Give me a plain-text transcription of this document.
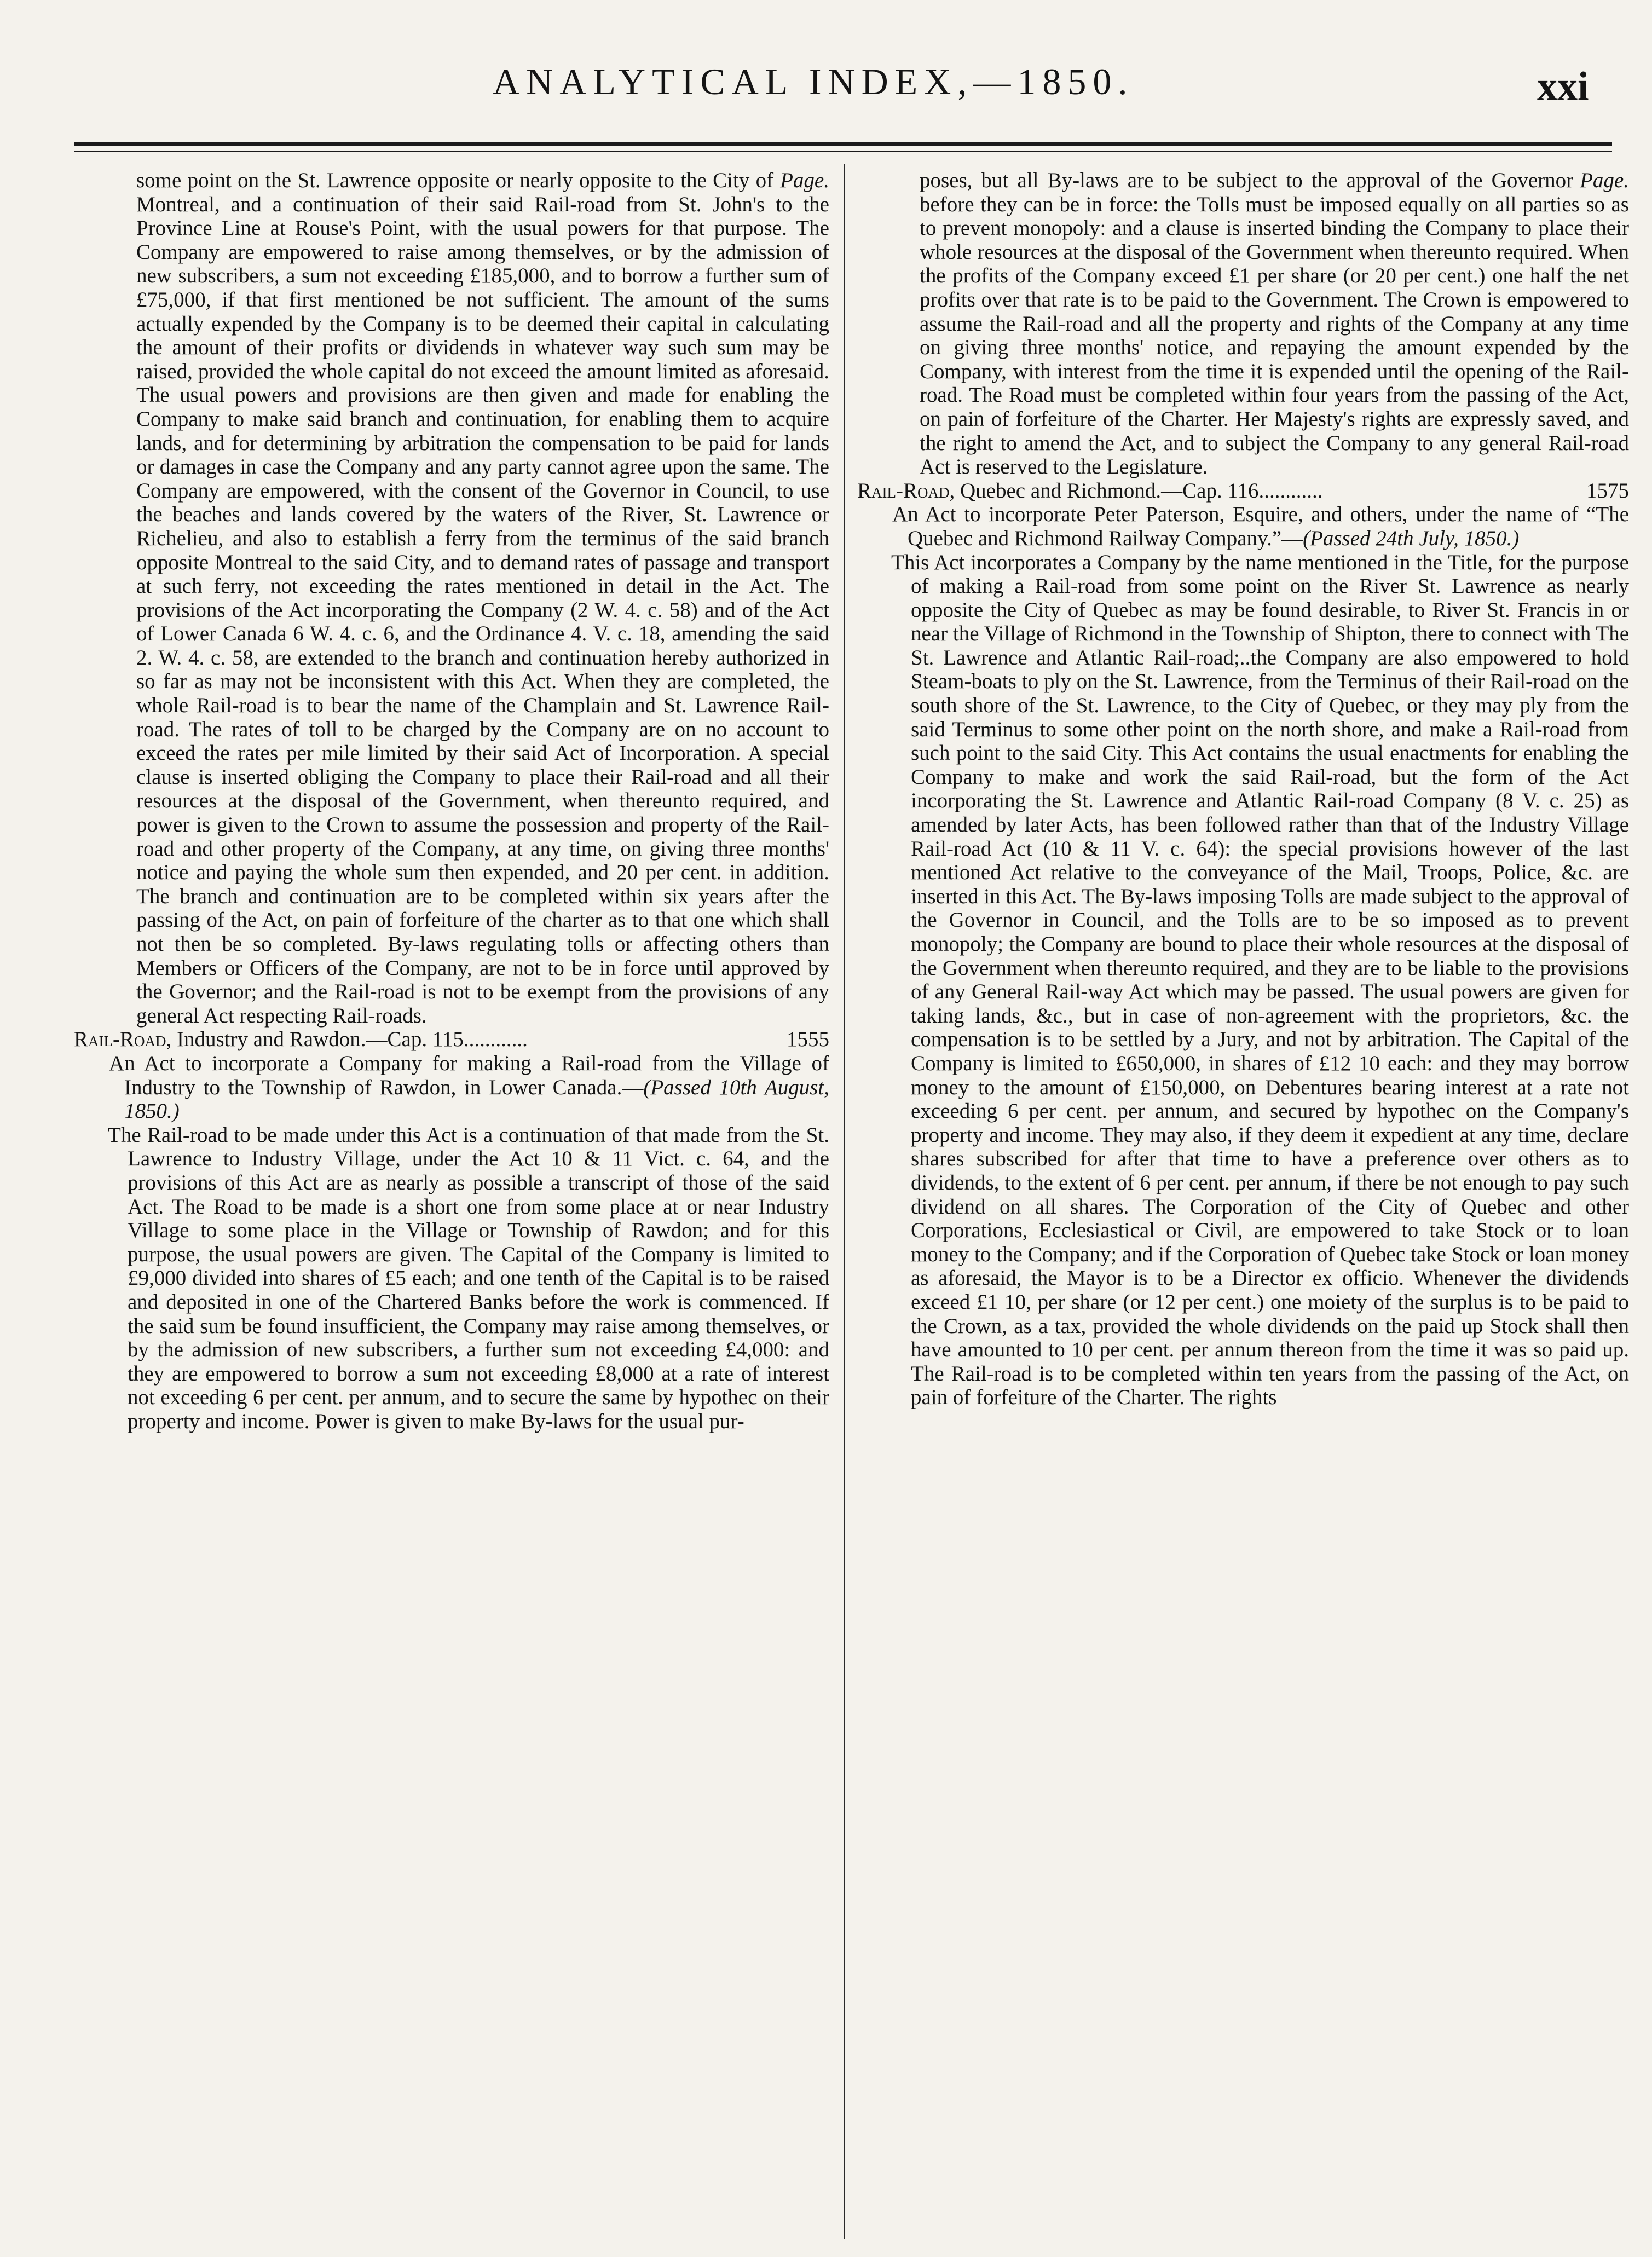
ANALYTICAL INDEX,—1850.	xxi

Page.
some point on the St. Lawrence opposite or nearly opposite to the City of Montreal, and a continuation of their said Rail-road from St. John's to the Province Line at Rouse's Point, with the usual powers for that purpose. The Company are empowered to raise among themselves, or by the admission of new subscribers, a sum not exceeding £185,000, and to borrow a further sum of £75,000, if that first mentioned be not sufficient. The amount of the sums actually expended by the Company is to be deemed their capital in calculating the amount of their profits or dividends in whatever way such sum may be raised, provided the whole capital do not exceed the amount limited as aforesaid. The usual powers and provisions are then given and made for enabling the Company to make said branch and continuation, for enabling them to acquire lands, and for determining by arbitration the compensation to be paid for lands or damages in case the Company and any party cannot agree upon the same. The Company are empowered, with the consent of the Governor in Council, to use the beaches and lands covered by the waters of the River, St. Lawrence or Richelieu, and also to establish a ferry from the terminus of the said branch opposite Montreal to the said City, and to demand rates of passage and transport at such ferry, not exceeding the rates mentioned in detail in the Act. The provisions of the Act incorporating the Company (2 W. 4. c. 58) and of the Act of Lower Canada 6 W. 4. c. 6, and the Ordinance 4. V. c. 18, amending the said 2. W. 4. c. 58, are extended to the branch and continuation hereby authorized in so far as may not be inconsistent with this Act. When they are completed, the whole Rail-road is to bear the name of the Champlain and St. Lawrence Rail-road. The rates of toll to be charged by the Company are on no account to exceed the rates per mile limited by their said Act of Incorporation. A special clause is inserted obliging the Company to place their Rail-road and all their resources at the disposal of the Government, when thereunto required, and power is given to the Crown to assume the possession and property of the Rail-road and other property of the Company, at any time, on giving three months' notice and paying the whole sum then expended, and 20 per cent. in addition. The branch and continuation are to be completed within six years after the passing of the Act, on pain of forfeiture of the charter as to that one which shall not then be so completed. By-laws regulating tolls or affecting others than Members or Officers of the Company, are not to be in force until approved by the Governor; and the Rail-road is not to be exempt from the provisions of any general Act respecting Rail-roads.

Rail-Road, Industry and Rawdon.—Cap. 115............	1555

An Act to incorporate a Company for making a Rail-road from the Village of Industry to the Township of Rawdon, in Lower Canada.—(Passed 10th August, 1850.)

The Rail-road to be made under this Act is a continuation of that made from the St. Lawrence to Industry Village, under the Act 10 & 11 Vict. c. 64, and the provisions of this Act are as nearly as possible a transcript of those of the said Act. The Road to be made is a short one from some place at or near Industry Village to some place in the Village or Township of Rawdon; and for this purpose, the usual powers are given. The Capital of the Company is limited to £9,000 divided into shares of £5 each; and one tenth of the Capital is to be raised and deposited in one of the Chartered Banks before the work is commenced. If the said sum be found insufficient, the Company may raise among themselves, or by the admission of new subscribers, a further sum not exceeding £4,000: and they are empowered to borrow a sum not exceeding £8,000 at a rate of interest not exceeding 6 per cent. per annum, and to secure the same by hypothec on their property and income. Power is given to make By-laws for the usual pur-

Page.
poses, but all By-laws are to be subject to the approval of the Governor before they can be in force: the Tolls must be imposed equally on all parties so as to prevent monopoly: and a clause is inserted binding the Company to place their whole resources at the disposal of the Government when thereunto required. When the profits of the Company exceed £1 per share (or 20 per cent.) one half the net profits over that rate is to be paid to the Government. The Crown is empowered to assume the Rail-road and all the property and rights of the Company at any time on giving three months' notice, and repaying the amount expended by the Company, with interest from the time it is expended until the opening of the Rail-road. The Road must be completed within four years from the passing of the Act, on pain of forfeiture of the Charter. Her Majesty's rights are expressly saved, and the right to amend the Act, and to subject the Company to any general Rail-road Act is reserved to the Legislature.

Rail-Road, Quebec and Richmond.—Cap. 116............	1575

An Act to incorporate Peter Paterson, Esquire, and others, under the name of “The Quebec and Richmond Railway Company.”—(Passed 24th July, 1850.)

This Act incorporates a Company by the name mentioned in the Title, for the purpose of making a Rail-road from some point on the River St. Lawrence as nearly opposite the City of Quebec as may be found desirable, to River St. Francis in or near the Village of Richmond in the Township of Shipton, there to connect with The St. Lawrence and Atlantic Rail-road;..the Company are also empowered to hold Steam-boats to ply on the St. Lawrence, from the Terminus of their Rail-road on the south shore of the St. Lawrence, to the City of Quebec, or they may ply from the said Terminus to some other point on the north shore, and make a Rail-road from such point to the said City. This Act contains the usual enactments for enabling the Company to make and work the said Rail-road, but the form of the Act incorporating the St. Lawrence and Atlantic Rail-road Company (8 V. c. 25) as amended by later Acts, has been followed rather than that of the Industry Village Rail-road Act (10 & 11 V. c. 64): the special provisions however of the last mentioned Act relative to the conveyance of the Mail, Troops, Police, &c. are inserted in this Act. The By-laws imposing Tolls are made subject to the approval of the Governor in Council, and the Tolls are to be so imposed as to prevent monopoly; the Company are bound to place their whole resources at the disposal of the Government when thereunto required, and they are to be liable to the provisions of any General Rail-way Act which may be passed. The usual powers are given for taking lands, &c., but in case of non-agreement with the proprietors, &c. the compensation is to be settled by a Jury, and not by arbitration. The Capital of the Company is limited to £650,000, in shares of £12 10 each: and they may borrow money to the amount of £150,000, on Debentures bearing interest at a rate not exceeding 6 per cent. per annum, and secured by hypothec on the Company's property and income. They may also, if they deem it expedient at any time, declare shares subscribed for after that time to have a preference over others as to dividends, to the extent of 6 per cent. per annum, if there be not enough to pay such dividend on all shares. The Corporation of the City of Quebec and other Corporations, Ecclesiastical or Civil, are empowered to take Stock or to loan money to the Company; and if the Corporation of Quebec take Stock or loan money as aforesaid, the Mayor is to be a Director ex officio. Whenever the dividends exceed £1 10, per share (or 12 per cent.) one moiety of the surplus is to be paid to the Crown, as a tax, provided the whole dividends on the paid up Stock shall then have amounted to 10 per cent. per annum thereon from the time it was so paid up. The Rail-road is to be completed within ten years from the passing of the Act, on pain of forfeiture of the Charter. The rights
